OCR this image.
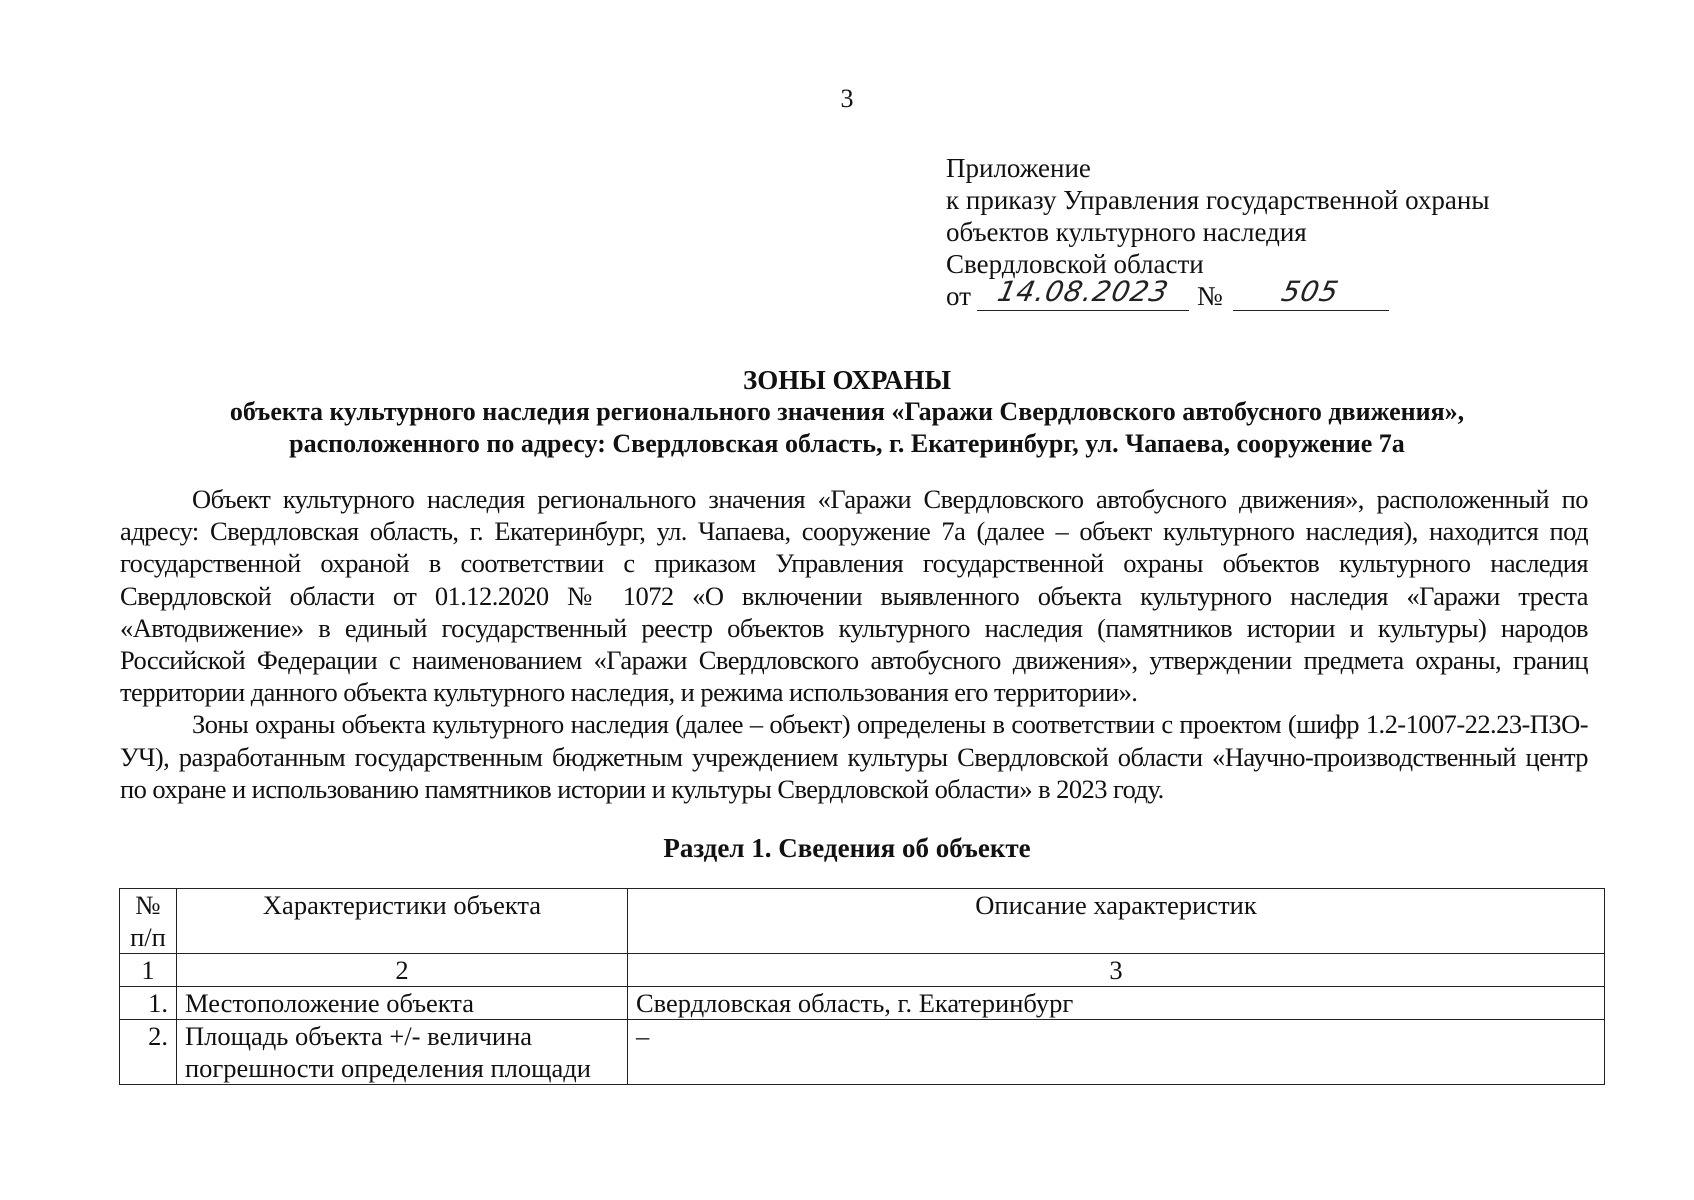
3
Приложение
к приказу Управления государственной охраны
объектов культурного наследия
Свердловской области
от 14.08.2023 № 505
ЗОНЫ ОХРАНЫ
объекта культурного наследия регионального значения «Гаражи Свердловского автобусного движения»,
расположенного по адресу: Свердловская область, г. Екатеринбург, ул. Чапаева, сооружение 7а

Объект культурного наследия регионального значения «Гаражи Свердловского автобусного движения», расположенный по адресу: Свердловская область, г. Екатеринбург, ул. Чапаева, сооружение 7а (далее – объект культурного наследия), находится под государственной охраной в соответствии с приказом Управления государственной охраны объектов культурного наследия Свердловской области от 01.12.2020 № 1072 «О включении выявленного объекта культурного наследия «Гаражи треста «Автодвижение» в единый государственный реестр объектов культурного наследия (памятников истории и культуры) народов Российской Федерации с наименованием «Гаражи Свердловского автобусного движения», утверждении предмета охраны, границ территории данного объекта культурного наследия, и режима использования его территории».

Зоны охраны объекта культурного наследия (далее – объект) определены в соответствии с проектом (шифр 1.2-1007-22.23-ПЗО-УЧ), разработанным государственным бюджетным учреждением культуры Свердловской области «Научно-производственный центр по охране и использованию памятников истории и культуры Свердловской области» в 2023 году.

Раздел 1. Сведения об объекте
№ п/п	Характеристики объекта	Описание характеристик
1	2	3
1.	Местоположение объекта	Свердловская область, г. Екатеринбург
2.	Площадь объекта +/- величина погрешности определения площади	–
